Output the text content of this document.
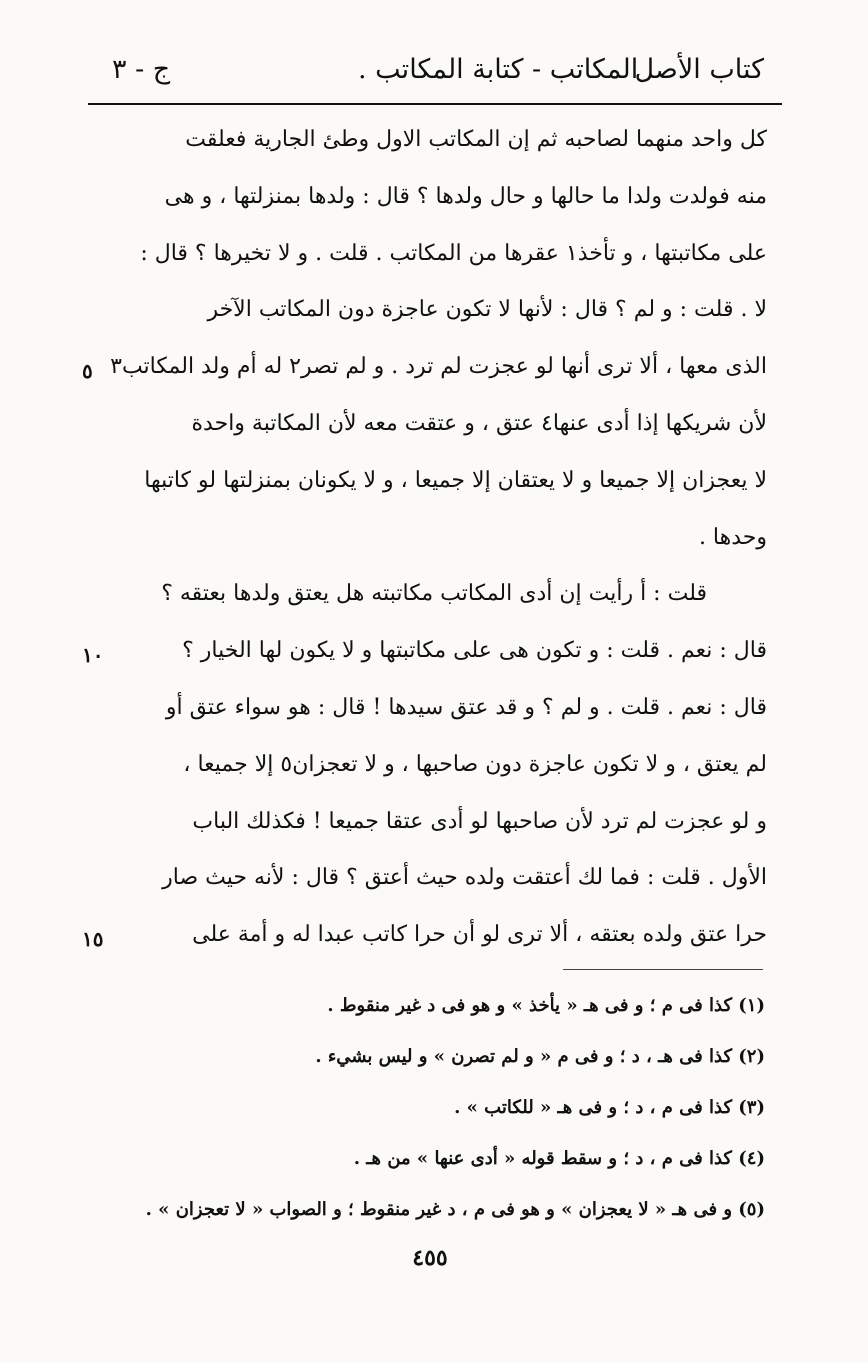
كتاب الأصل
المكاتب - كتابة المكاتب .
ج - ٣
كل واحد منهما لصاحبه ثم إن المكاتب الاول وطئ الجارية فعلقت
منه فولدت ولدا ما حالها و حال ولدها ؟ قال : ولدها بمنزلتها ، و هى
على مكاتبتها ، و تأخذ١ عقرها من المكاتب . قلت . و لا تخيرها ؟ قال :
لا . قلت : و لم ؟ قال : لأنها لا تكون عاجزة دون المكاتب الآخر
الذى معها ، ألا ترى أنها لو عجزت لم ترد . و لم تصر٢ له أم ولد المكاتب٣
لأن شريكها إذا أدى عنها٤ عتق ، و عتقت معه لأن المكاتبة واحدة
لا يعجزان إلا جميعا و لا يعتقان إلا جميعا ، و لا يكونان بمنزلتها لو كاتبها
وحدها .
قلت : أ رأيت إن أدى المكاتب مكاتبته هل يعتق ولدها بعتقه ؟
قال : نعم . قلت : و تكون هى على مكاتبتها و لا يكون لها الخيار ؟
قال : نعم . قلت . و لم ؟ و قد عتق سيدها ! قال : هو سواء عتق أو
لم يعتق ، و لا تكون عاجزة دون صاحبها ، و لا تعجزان٥ إلا جميعا ،
و لو عجزت لم ترد لأن صاحبها لو أدى عتقا جميعا ! فكذلك الباب
الأول . قلت : فما لك أعتقت ولده حيث أعتق ؟ قال : لأنه حيث صار
حرا عتق ولده بعتقه ، ألا ترى لو أن حرا كاتب عبدا له و أمة على
٥
١٠
١٥
(١) كذا فى م ؛ و فى هـ « يأخذ » و هو فى د غير منقوط .
(٢) كذا فى هـ ، د ؛ و فى م « و لم تصرن » و ليس بشيء .
(٣) كذا فى م ، د ؛ و فى هـ « للكاتب » .
(٤) كذا فى م ، د ؛ و سقط قوله « أدى عنها » من هـ .
(٥) و فى هـ « لا يعجزان » و هو فى م ، د غير منقوط ؛ و الصواب « لا تعجزان » .
٤٥٥
